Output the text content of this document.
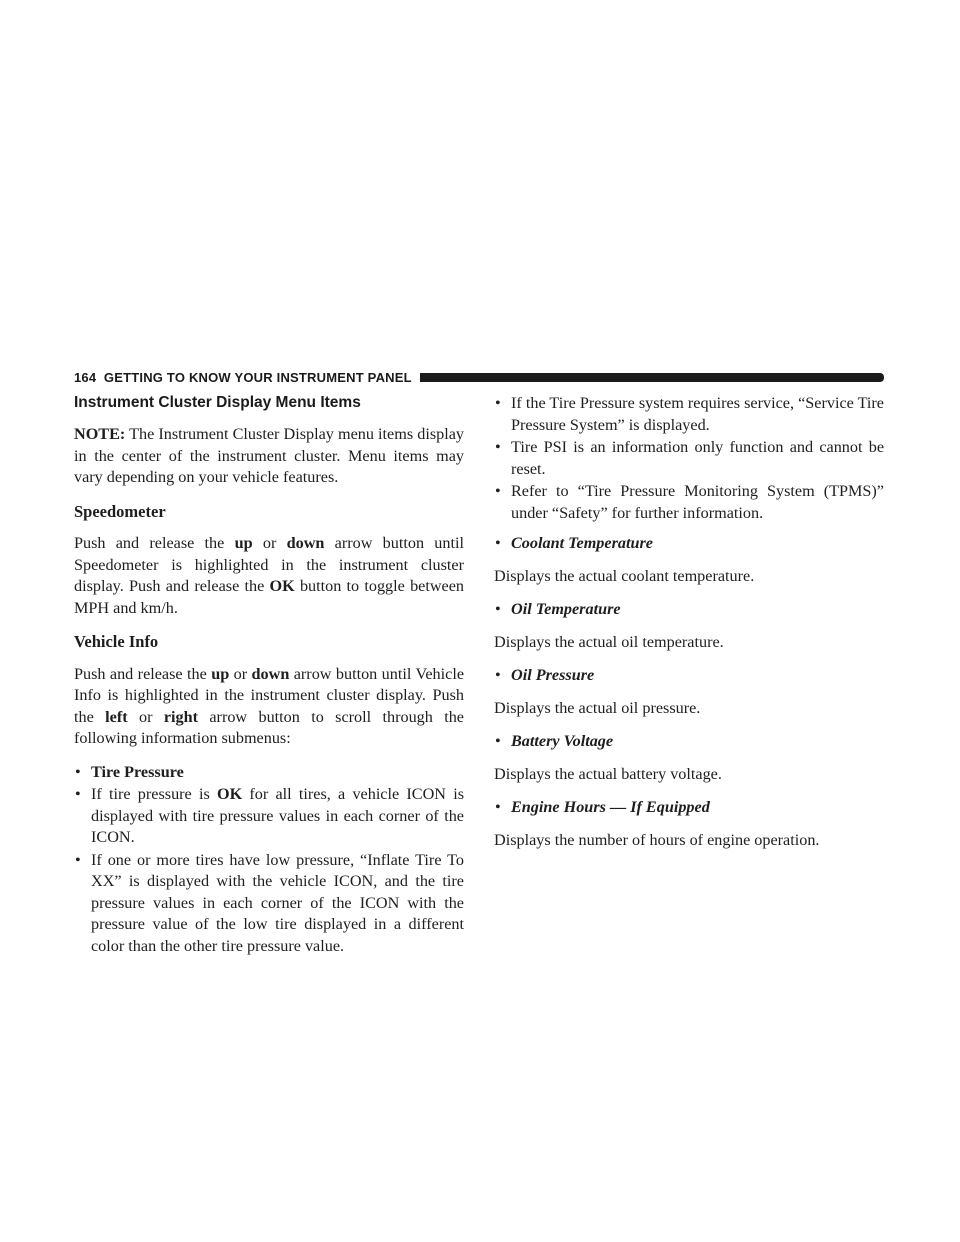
164 GETTING TO KNOW YOUR INSTRUMENT PANEL
Instrument Cluster Display Menu Items

NOTE: The Instrument Cluster Display menu items display in the center of the instrument cluster. Menu items may vary depending on your vehicle features.

Speedometer

Push and release the up or down arrow button until Speedometer is highlighted in the instrument cluster display. Push and release the OK button to toggle between MPH and km/h.

Vehicle Info

Push and release the up or down arrow button until Vehicle Info is highlighted in the instrument cluster display. Push the left or right arrow button to scroll through the following information submenus:

• Tire Pressure
• If tire pressure is OK for all tires, a vehicle ICON is displayed with tire pressure values in each corner of the ICON.
• If one or more tires have low pressure, “Inflate Tire To XX” is displayed with the vehicle ICON, and the tire pressure values in each corner of the ICON with the pressure value of the low tire displayed in a different color than the other tire pressure value.
• If the Tire Pressure system requires service, “Service Tire Pressure System” is displayed.
• Tire PSI is an information only function and cannot be reset.
• Refer to “Tire Pressure Monitoring System (TPMS)” under “Safety” for further information.
• Coolant Temperature

Displays the actual coolant temperature.

• Oil Temperature

Displays the actual oil temperature.

• Oil Pressure

Displays the actual oil pressure.

• Battery Voltage

Displays the actual battery voltage.

• Engine Hours — If Equipped

Displays the number of hours of engine operation.
